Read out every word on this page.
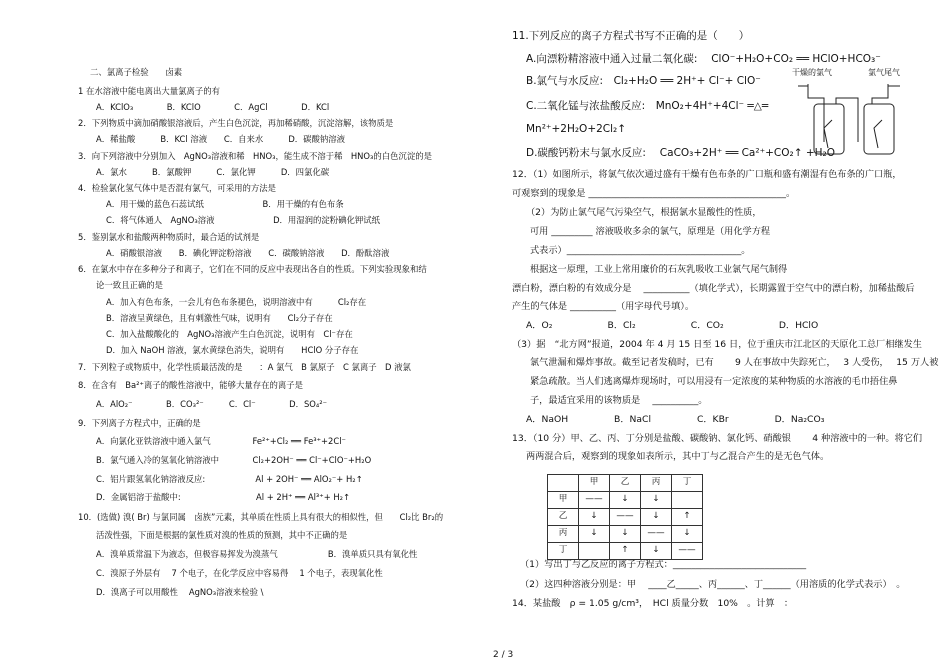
二、氯离子检验　　卤素
1 在水溶液中能电离出大量氯离子的有
A．KClO₃　　　　B．KClO　　　　C．AgCl　　　　D．KCl
2．下列物质中滴加硝酸银溶液后，产生白色沉淀，再加稀硝酸，沉淀溶解，该物质是
A．稀盐酸　　　B．KCl 溶液　　C．自来水　　　D．碳酸钠溶液
3．向下列溶液中分别加入　AgNO₃溶液和稀　HNO₃，能生成不溶于稀　HNO₃的白色沉淀的是
A．氯水　　　B．氯酸钾　　　C．氯化钾　　　D．四氯化碳
4．检验氯化氢气体中是否混有氯气，可采用的方法是
A．用干燥的蓝色石蕊试纸　　　　　　　B．用干燥的有色布条
C．将气体通人　AgNO₃溶液　　　　　　　D．用湿润的淀粉碘化钾试纸
5．鉴别氯水和盐酸两种物质时，最合适的试剂是
A．硝酸银溶液　　B．碘化钾淀粉溶液　　C．碳酸钠溶液　　D．酚酞溶液
6．在氯水中存在多种分子和离子，它们在不同的反应中表现出各自的性质。下列实验现象和结
论一致且正确的是
A．加入有色布条，一会儿有色布条褪色，说明溶液中有　　　Cl₂存在
B．溶液呈黄绿色，且有刺激性气味，说明有　　Cl₂分子存在
C．加入盐酸酸化的　AgNO₃溶液产生白色沉淀，说明有　Cl⁻存在
D．加入 NaOH 溶液，氯水黄绿色消失，说明有　　HClO 分子存在
7．下列粒子或物质中，化学性质最活泼的是　　：A 氯气　B 氯原子　C 氯离子　D 液氯
8．在含有　Ba²⁺离子的酸性溶液中，能够大量存在的离子是
A．AlO₂⁻　　　　B．CO₃²⁻　　　C．Cl⁻　　　　D．SO₄²⁻
9．下列离子方程式中，正确的是
A．向氯化亚铁溶液中通入氯气　　　　　Fe²⁺+Cl₂ ══ Fe³⁺+2Cl⁻
B．氯气通入冷的氢氧化钠溶液中　　　　Cl₂+2OH⁻ ══ Cl⁻+ClO⁻+H₂O
C．铝片跟氢氧化钠溶液反应:　　　　　　Al + 2OH⁻ ══ AlO₂⁻+ H₂↑
D．金属铝溶于盐酸中:　　　　　　　　　Al + 2H⁺ ══ Al³⁺+ H₂↑
10．(选做) 溴( Br) 与氯同属　卤族”元素，其单质在性质上具有很大的相似性，但　　Cl₂比 Br₂的
活泼性强，下面是根据的氯性质对溴的性质的预测，其中不正确的是
A．溴单质常温下为液态，但极容易挥发为溴蒸气　　　　　　B．溴单质只具有氧化性
C．溴原子外层有　 7 个电子，在化学反应中容易得　 1 个电子，表现氧化性
D．溴离子可以用酸性　 AgNO₃溶液来检验 \
11.下列反应的离子方程式书写不正确的是（　　）
A.向漂粉精溶液中通入过量二氧化碳:　 ClO⁻+H₂O+CO₂ ══ HClO+HCO₃⁻
B.氯气与水反应:　Cl₂+H₂O ══ 2H⁺+ Cl⁻+ ClO⁻
C.二氧化锰与浓盐酸反应:　MnO₂+4H⁺+4Cl⁻ ═△═
Mn²⁺+2H₂O+2Cl₂↑
D.碳酸钙粉末与氯水反应:　 CaCO₃+2H⁺ ══ Ca²⁺+CO₂↑ +H₂O
12．（1）如图所示，将氯气依次通过盛有干燥有色布条的广口瓶和盛有潮湿有色布条的广口瓶，
可观察到的现象是 ___________________________________________。
（2）为防止氯气尾气污染空气，根据氯水显酸性的性质，
可用 _________ 溶液吸收多余的氯气，原理是（用化学方程
式表示）______________________________________。
根据这一原理，工业上常用廉价的石灰乳吸收工业氯气尾气制得
漂白粉，漂白粉的有效成分是　 __________（填化学式），长期露置于空气中的漂白粉，加稀盐酸后
产生的气体是 __________（用字母代号填）。
A．O₂　　　　　　B．Cl₂　　　　　　C．CO₂　　　　　　D．HClO
（3）据　“北方网”报道，2004 年 4 月 15 日至 16 日，位于重庆市江北区的天原化工总厂相继发生
氯气泄漏和爆炸事故。截至记者发稿时，已有　　 9 人在事故中失踪死亡，　 3 人受伤，　 15 万人被
紧急疏散。当人们逃离爆炸现场时，可以用浸有一定浓度的某种物质的水溶液的毛巾捂住鼻
子，最适宜采用的该物质是　 __________。
A．NaOH　　　　　B．NaCl　　　　　C．KBr　　　　　D．Na₂CO₃
13．（10 分）甲、乙、丙、丁分别是盐酸、碳酸钠、氯化钙、硝酸银　　 4 种溶液中的一种。将它们
两两混合后，观察到的现象如表所示，其中丁与乙混合产生的是无色气体。
（1）写出丁与乙反应的离子方程式：_____________________________
（2）这四种溶液分别是：甲　 ____乙_____、丙______、丁______（用溶质的化学式表示）　。
14．某盐酸　ρ = 1.05 g/cm³，　HCl 质量分数　10%　。计算　：
干燥的氯气	氯气尾气
	甲	乙	丙	丁
甲	——	↓	↓	
乙	↓	——	↓	↑
丙	↓	↓	——	↓
丁		↑	↓	——
2 / 3
